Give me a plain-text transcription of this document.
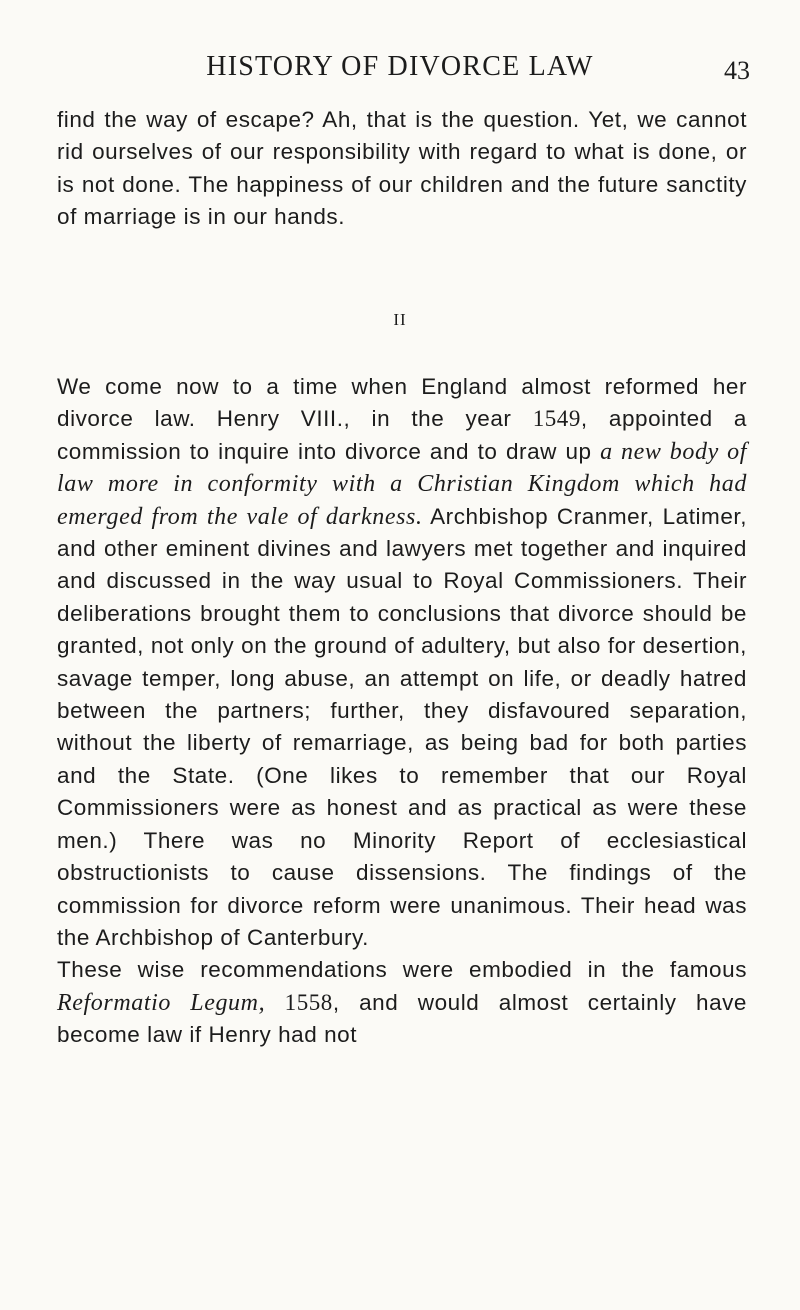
HISTORY OF DIVORCE LAW	43

find the way of escape? Ah, that is the question. Yet, we cannot rid ourselves of our responsibility with regard to what is done, or is not done. The happiness of our children and the future sanctity of marriage is in our hands.

II

We come now to a time when England almost reformed her divorce law. Henry VIII., in the year 1549, appointed a commission to inquire into divorce and to draw up a new body of law more in conformity with a Christian Kingdom which had emerged from the vale of darkness. Archbishop Cranmer, Latimer, and other eminent divines and lawyers met together and inquired and discussed in the way usual to Royal Commissioners. Their deliberations brought them to conclusions that divorce should be granted, not only on the ground of adultery, but also for desertion, savage temper, long abuse, an attempt on life, or deadly hatred between the partners; further, they disfavoured separation, without the liberty of remarriage, as being bad for both parties and the State. (One likes to remember that our Royal Commissioners were as honest and as practical as were these men.) There was no Minority Report of ecclesiastical obstructionists to cause dissensions. The findings of the commission for divorce reform were unanimous. Their head was the Archbishop of Canterbury.

These wise recommendations were embodied in the famous Reformatio Legum, 1558, and would almost certainly have become law if Henry had not
